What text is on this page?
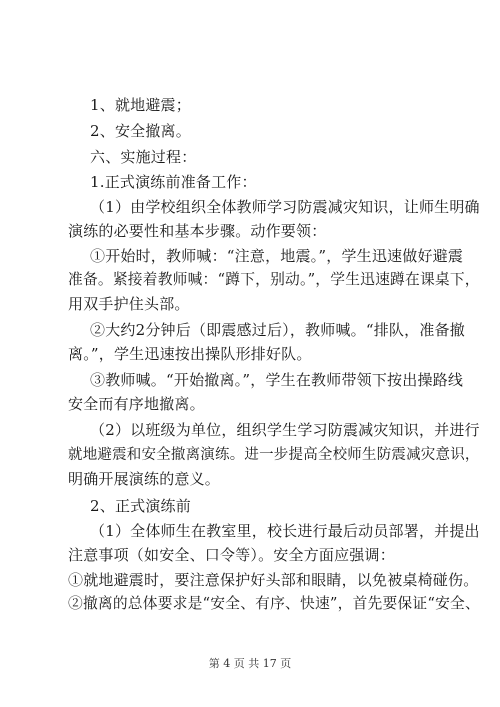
1、就地避震；
2、安全撤离。
六、实施过程：
1.正式演练前准备工作：
（1）由学校组织全体教师学习防震减灾知识，让师生明确
演练的必要性和基本步骤。动作要领：
①开始时，教师喊：“注意，地震。”，学生迅速做好避震
准备。紧接着教师喊：“蹲下，别动。”，学生迅速蹲在课桌下，
用双手护住头部。
②大约2分钟后（即震感过后），教师喊。“排队，准备撤
离。”，学生迅速按出操队形排好队。
③教师喊。“开始撤离。”，学生在教师带领下按出操路线
安全而有序地撤离。
（2）以班级为单位，组织学生学习防震减灾知识，并进行
就地避震和安全撤离演练。进一步提高全校师生防震减灾意识，
明确开展演练的意义。
2、正式演练前
（1）全体师生在教室里，校长进行最后动员部署，并提出
注意事项（如安全、口令等）。安全方面应强调：
①就地避震时，要注意保护好头部和眼睛，以免被桌椅碰伤。
②撤离的总体要求是“安全、有序、快速”，首先要保证“安全、
第 4 页 共 17 页
